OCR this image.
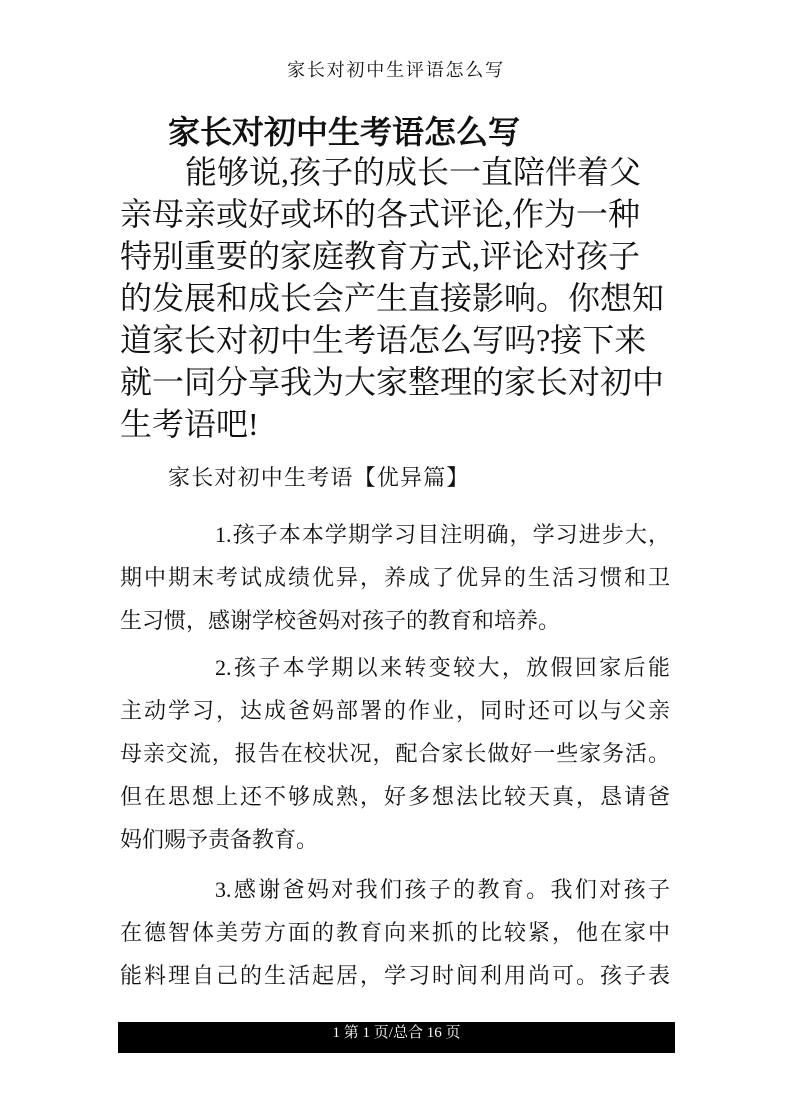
家长对初中生评语怎么写
家长对初中生考语怎么写
能够说,孩子的成长一直陪伴着父
亲母亲或好或坏的各式评论,作为一种
特别重要的家庭教育方式,评论对孩子
的发展和成长会产生直接影响。你想知
道家长对初中生考语怎么写吗?接下来
就一同分享我为大家整理的家长对初中
生考语吧!
家长对初中生考语【优异篇】
1.孩子本本学期学习目注明确，学习进步大，
期中期末考试成绩优异，养成了优异的生活习惯和卫
生习惯，感谢学校爸妈对孩子的教育和培养。
2.孩子本学期以来转变较大，放假回家后能
主动学习，达成爸妈部署的作业，同时还可以与父亲
母亲交流，报告在校状况，配合家长做好一些家务活。
但在思想上还不够成熟，好多想法比较天真，恳请爸
妈们赐予责备教育。
3.感谢爸妈对我们孩子的教育。我们对孩子
在德智体美劳方面的教育向来抓的比较紧，他在家中
能料理自己的生活起居，学习时间利用尚可。孩子表
1 第 1 页/总合 16 页
